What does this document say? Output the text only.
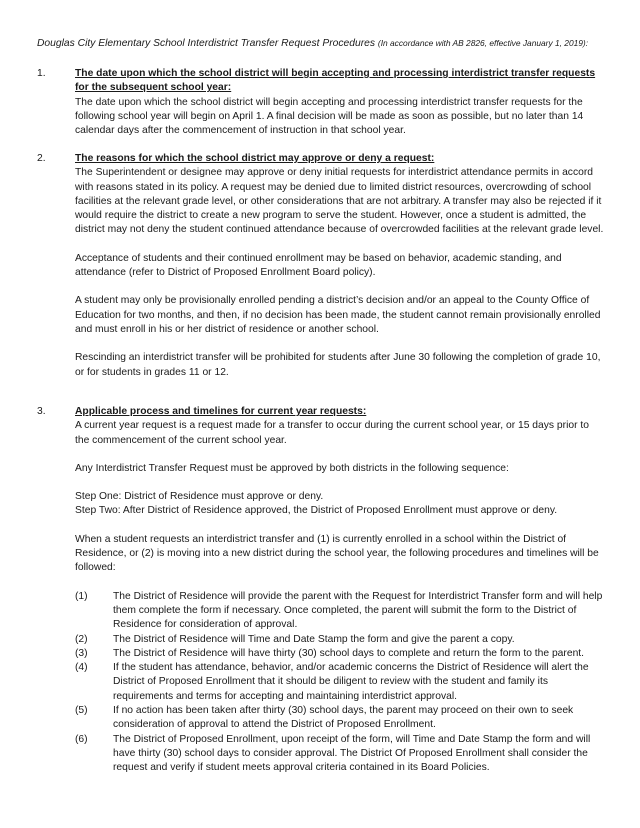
Douglas City Elementary School Interdistrict Transfer Request Procedures (In accordance with AB 2826, effective January 1, 2019):
1.	The date upon which the school district will begin accepting and processing interdistrict transfer requests for the subsequent school year:

The date upon which the school district will begin accepting and processing interdistrict transfer requests for the following school year will begin on April 1. A final decision will be made as soon as possible, but no later than 14 calendar days after the commencement of instruction in that school year.

2.	The reasons for which the school district may approve or deny a request:

The Superintendent or designee may approve or deny initial requests for interdistrict attendance permits in accord with reasons stated in its policy. A request may be denied due to limited district resources, overcrowding of school facilities at the relevant grade level, or other considerations that are not arbitrary. A transfer may also be rejected if it would require the district to create a new program to serve the student. However, once a student is admitted, the district may not deny the student continued attendance because of overcrowded facilities at the relevant grade level.

Acceptance of students and their continued enrollment may be based on behavior, academic standing, and attendance (refer to District of Proposed Enrollment Board policy).

A student may only be provisionally enrolled pending a district’s decision and/or an appeal to the County Office of Education for two months, and then, if no decision has been made, the student cannot remain provisionally enrolled and must enroll in his or her district of residence or another school.

Rescinding an interdistrict transfer will be prohibited for students after June 30 following the completion of grade 10, or for students in grades 11 or 12.

3.	Applicable process and timelines for current year requests:

A current year request is a request made for a transfer to occur during the current school year, or 15 days prior to the commencement of the current school year.

Any Interdistrict Transfer Request must be approved by both districts in the following sequence:

Step One: District of Residence must approve or deny.

Step Two: After District of Residence approved, the District of Proposed Enrollment must approve or deny.

When a student requests an interdistrict transfer and (1) is currently enrolled in a school within the District of Residence, or (2) is moving into a new district during the school year, the following procedures and timelines will be followed:

(1) The District of Residence will provide the parent with the Request for Interdistrict Transfer form and will help them complete the form if necessary. Once completed, the parent will submit the form to the District of Residence for consideration of approval.
(2) The District of Residence will Time and Date Stamp the form and give the parent a copy.
(3) The District of Residence will have thirty (30) school days to complete and return the form to the parent.
(4) If the student has attendance, behavior, and/or academic concerns the District of Residence will alert the District of Proposed Enrollment that it should be diligent to review with the student and family its requirements and terms for accepting and maintaining interdistrict approval.
(5) If no action has been taken after thirty (30) school days, the parent may proceed on their own to seek consideration of approval to attend the District of Proposed Enrollment.
(6) The District of Proposed Enrollment, upon receipt of the form, will Time and Date Stamp the form and will have thirty (30) school days to consider approval. The District Of Proposed Enrollment shall consider the request and verify if student meets approval criteria contained in its Board Policies.
